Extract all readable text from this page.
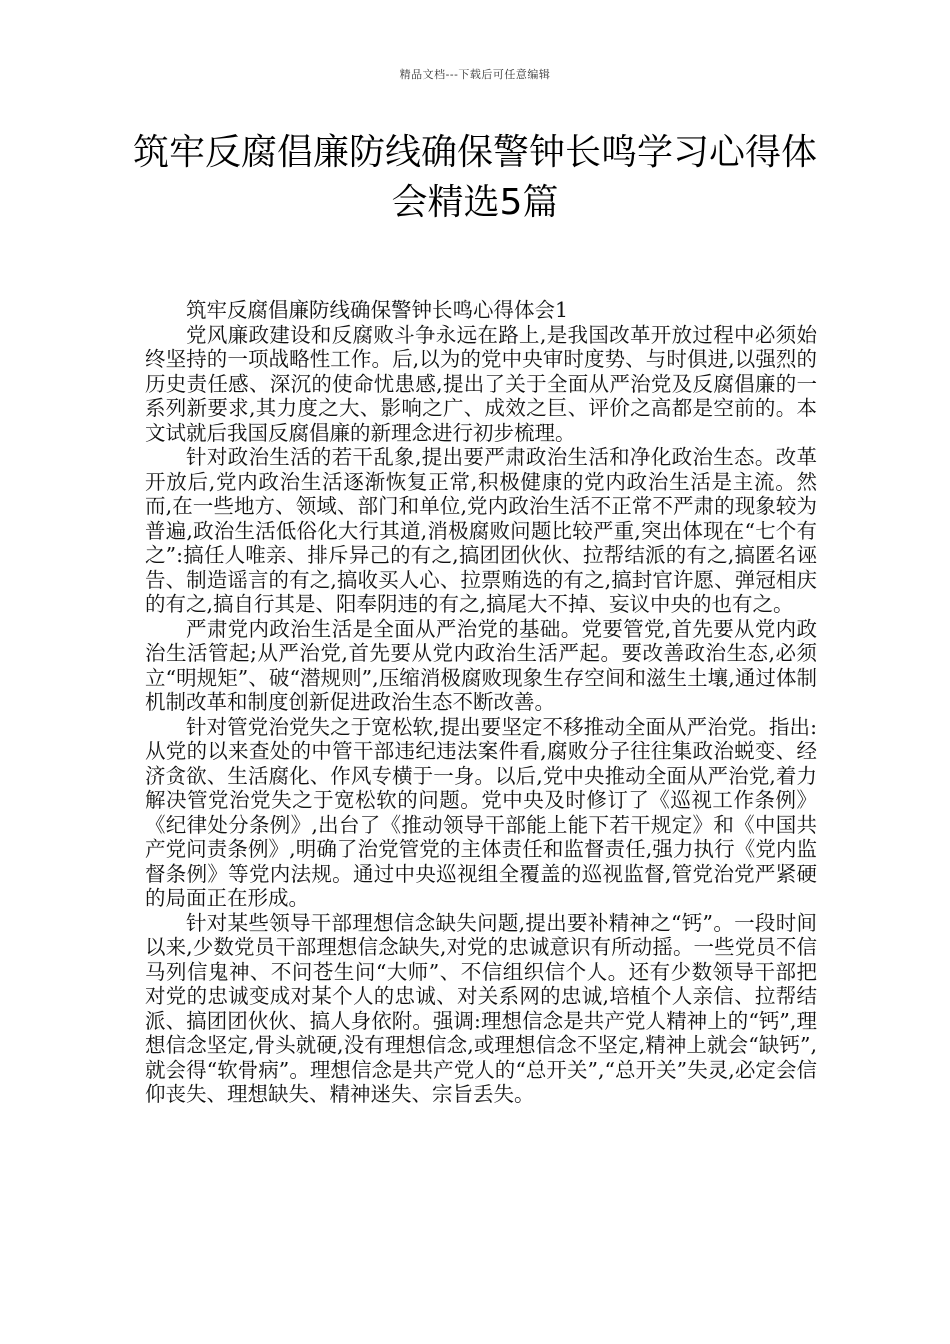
精品文档---下载后可任意编辑
筑牢反腐倡廉防线确保警钟长鸣学习心得体会精选5篇

筑牢反腐倡廉防线确保警钟长鸣心得体会1

党风廉政建设和反腐败斗争永远在路上,是我国改革开放过程中必须始终坚持的一项战略性工作。后,以为的党中央审时度势、与时俱进,以强烈的历史责任感、深沉的使命忧患感,提出了关于全面从严治党及反腐倡廉的一系列新要求,其力度之大、影响之广、成效之巨、评价之高都是空前的。本文试就后我国反腐倡廉的新理念进行初步梳理。

针对政治生活的若干乱象,提出要严肃政治生活和净化政治生态。改革开放后,党内政治生活逐渐恢复正常,积极健康的党内政治生活是主流。然而,在一些地方、领域、部门和单位,党内政治生活不正常不严肃的现象较为普遍,政治生活低俗化大行其道,消极腐败问题比较严重,突出体现在“七个有之”:搞任人唯亲、排斥异己的有之,搞团团伙伙、拉帮结派的有之,搞匿名诬告、制造谣言的有之,搞收买人心、拉票贿选的有之,搞封官许愿、弹冠相庆的有之,搞自行其是、阳奉阴违的有之,搞尾大不掉、妄议中央的也有之。

严肃党内政治生活是全面从严治党的基础。党要管党,首先要从党内政治生活管起;从严治党,首先要从党内政治生活严起。要改善政治生态,必须立“明规矩”、破“潜规则”,压缩消极腐败现象生存空间和滋生土壤,通过体制机制改革和制度创新促进政治生态不断改善。

针对管党治党失之于宽松软,提出要坚定不移推动全面从严治党。指出:从党的以来查处的中管干部违纪违法案件看,腐败分子往往集政治蜕变、经济贪欲、生活腐化、作风专横于一身。以后,党中央推动全面从严治党,着力解决管党治党失之于宽松软的问题。党中央及时修订了《巡视工作条例》《纪律处分条例》,出台了《推动领导干部能上能下若干规定》和《中国共产党问责条例》,明确了治党管党的主体责任和监督责任,强力执行《党内监督条例》等党内法规。通过中央巡视组全覆盖的巡视监督,管党治党严紧硬的局面正在形成。

针对某些领导干部理想信念缺失问题,提出要补精神之“钙”。一段时间以来,少数党员干部理想信念缺失,对党的忠诚意识有所动摇。一些党员不信马列信鬼神、不问苍生问“大师”、不信组织信个人。还有少数领导干部把对党的忠诚变成对某个人的忠诚、对关系网的忠诚,培植个人亲信、拉帮结派、搞团团伙伙、搞人身依附。强调:理想信念是共产党人精神上的“钙”,理想信念坚定,骨头就硬,没有理想信念,或理想信念不坚定,精神上就会“缺钙”,就会得“软骨病”。理想信念是共产党人的“总开关”,“总开关”失灵,必定会信仰丧失、理想缺失、精神迷失、宗旨丢失。
